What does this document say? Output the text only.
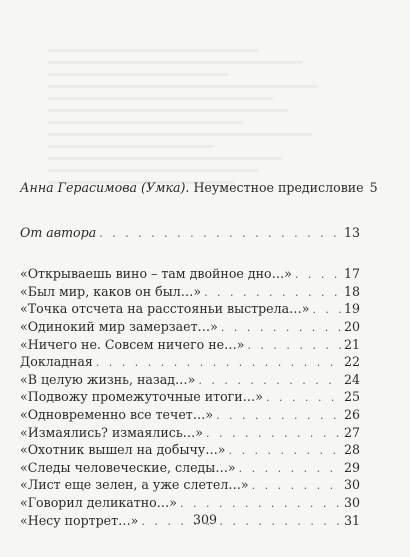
Анна Герасимова (Умка). Неуместное предисловие 5
От автора . . .	13
«Открываешь вино – там двойное дно…» . . .	17
«Был мир, каков он был…» . . .	18
«Точка отсчета на расстояньи выстрела…» . . .	19
«Одинокий мир замерзает…» . . .	20
«Ничего не. Совсем ничего не…» . . .	21
Докладная . . .	22
«В целую жизнь, назад…» . . .	24
«Подвожу промежуточные итоги…» . . .	25
«Одновременно все течет…» . . .	26
«Измаялись? измаялись…» . . .	27
«Охотник вышел на добычу…» . . .	28
«Следы человеческие, следы…» . . .	29
«Лист еще зелен, а уже слетел…» . . .	30
«Говорил деликатно…» . . .	30
«Несу портрет…» . . .	31
309
